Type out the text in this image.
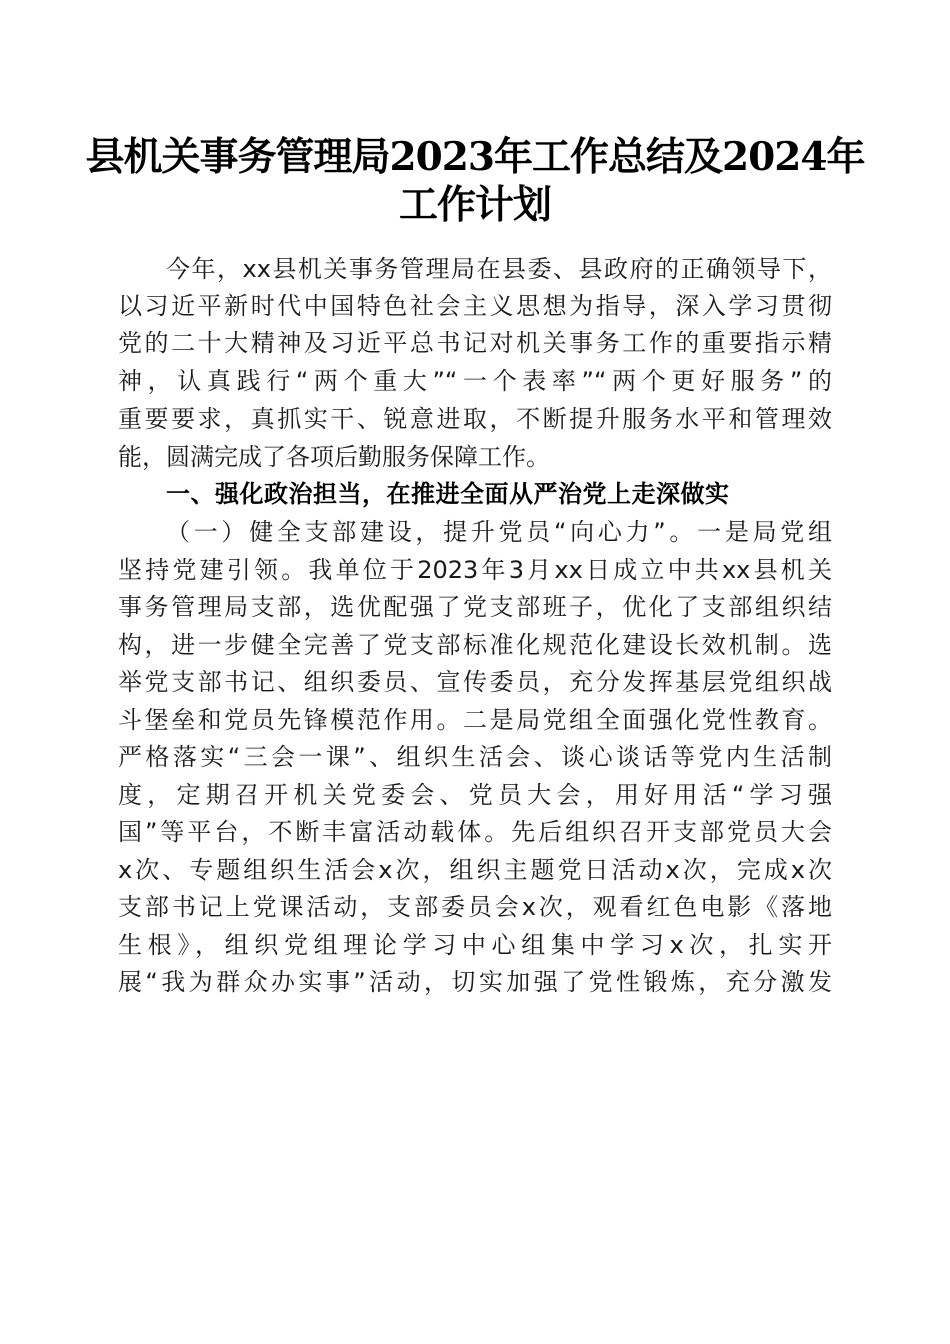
县机关事务管理局2023年工作总结及2024年
工作计划
今年，xx县机关事务管理局在县委、县政府的正确领导下，
以习近平新时代中国特色社会主义思想为指导，深入学习贯彻
党的二十大精神及习近平总书记对机关事务工作的重要指示精
神，认真践行“两个重大”“一个表率”“两个更好服务”的
重要要求，真抓实干、锐意进取，不断提升服务水平和管理效
能，圆满完成了各项后勤服务保障工作。
一、强化政治担当，在推进全面从严治党上走深做实
（一）健全支部建设，提升党员“向心力”。一是局党组
坚持党建引领。我单位于2023年3月xx日成立中共xx县机关
事务管理局支部，选优配强了党支部班子，优化了支部组织结
构，进一步健全完善了党支部标准化规范化建设长效机制。选
举党支部书记、组织委员、宣传委员，充分发挥基层党组织战
斗堡垒和党员先锋模范作用。二是局党组全面强化党性教育。
严格落实“三会一课”、组织生活会、谈心谈话等党内生活制
度，定期召开机关党委会、党员大会，用好用活“学习强
国”等平台，不断丰富活动载体。先后组织召开支部党员大会
x次、专题组织生活会x次，组织主题党日活动x次，完成x次
支部书记上党课活动，支部委员会x次，观看红色电影《落地
生根》，组织党组理论学习中心组集中学习x次，扎实开
展“我为群众办实事”活动，切实加强了党性锻炼，充分激发
